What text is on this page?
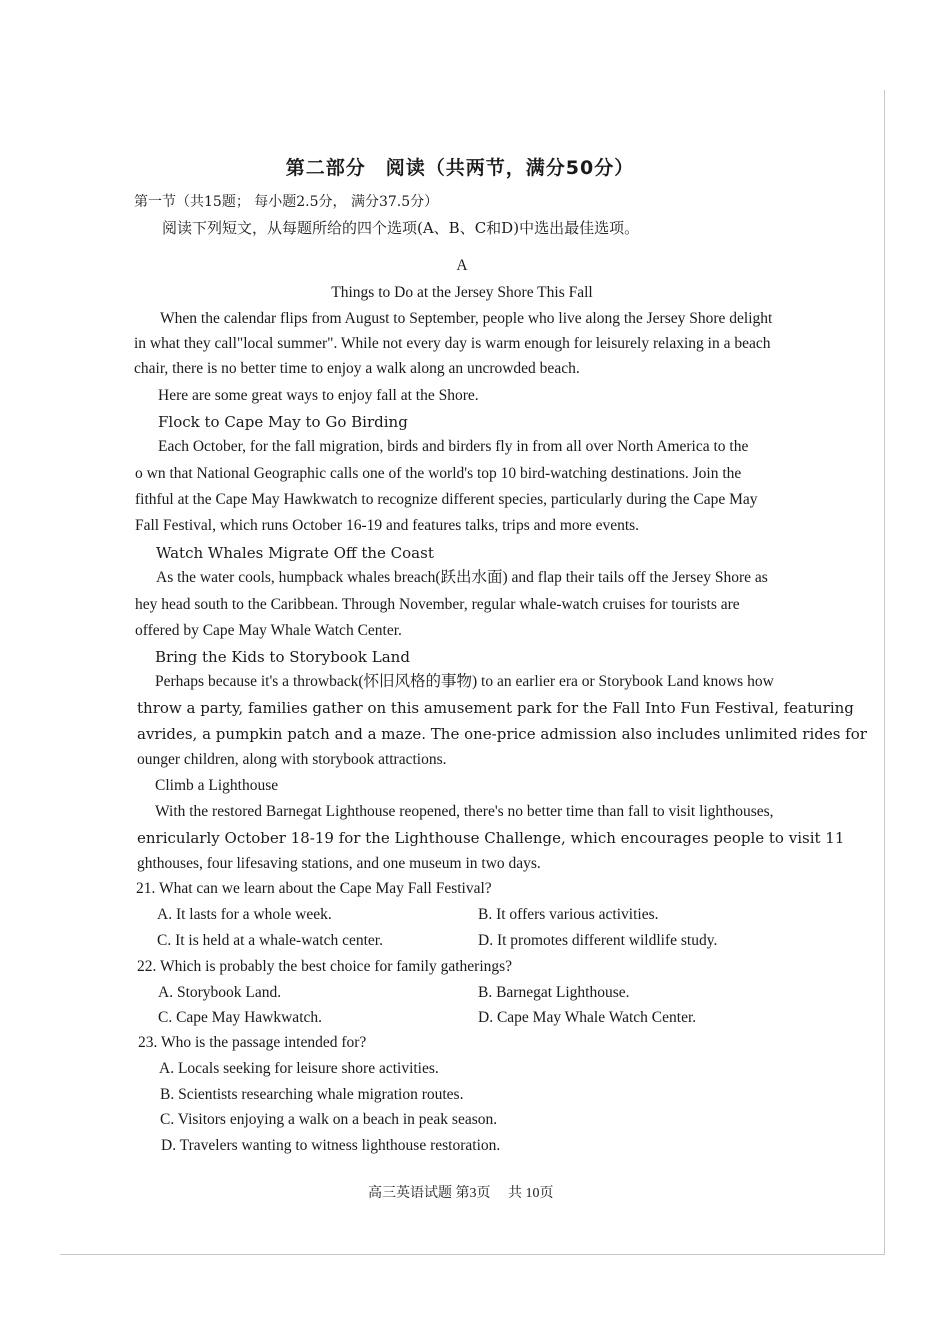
第二部分　阅读（共两节，满分50分）
第一节（共15题； 每小题2.5分， 满分37.5分）
阅读下列短文，从每题所给的四个选项(A、B、C和D)中选出最佳选项。
A
Things to Do at the Jersey Shore This Fall
When the calendar flips from August to September, people who live along the Jersey Shore delight
in what they call"local summer". While not every day is warm enough for leisurely relaxing in a beach
chair, there is no better time to enjoy a walk along an uncrowded beach.
Here are some great ways to enjoy fall at the Shore.
Flock to Cape May to Go Birding
Each October, for the fall migration, birds and birders fly in from all over North America to the
o wn that National Geographic calls one of the world's top 10 bird-watching destinations. Join the
fithful at the Cape May Hawkwatch to recognize different species, particularly during the Cape May
Fall Festival, which runs October 16-19 and features talks, trips and more events.
Watch Whales Migrate Off the Coast
As the water cools, humpback whales breach(跃出水面) and flap their tails off the Jersey Shore as
hey head south to the Caribbean. Through November, regular whale-watch cruises for tourists are
offered by Cape May Whale Watch Center.
Bring the Kids to Storybook Land
Perhaps because it's a throwback(怀旧风格的事物) to an earlier era or Storybook Land knows how
throw a party, families gather on this amusement park for the Fall Into Fun Festival, featuring
avrides, a pumpkin patch and a maze. The one-price admission also includes unlimited rides for
ounger children, along with storybook attractions.
Climb a Lighthouse
With the restored Barnegat Lighthouse reopened, there's no better time than fall to visit lighthouses,
enricularly October 18-19 for the Lighthouse Challenge, which encourages people to visit 11
ghthouses, four lifesaving stations, and one museum in two days.
21. What can we learn about the Cape May Fall Festival?
A. It lasts for a whole week.	B. It offers various activities.
C. It is held at a whale-watch center.	D. It promotes different wildlife study.
22. Which is probably the best choice for family gatherings?
A. Storybook Land.	B. Barnegat Lighthouse.
C. Cape May Hawkwatch.	D. Cape May Whale Watch Center.
23. Who is the passage intended for?
A. Locals seeking for leisure shore activities.
B. Scientists researching whale migration routes.
C. Visitors enjoying a walk on a beach in peak season.
D. Travelers wanting to witness lighthouse restoration.
高三英语试题 第3页　 共 10页
